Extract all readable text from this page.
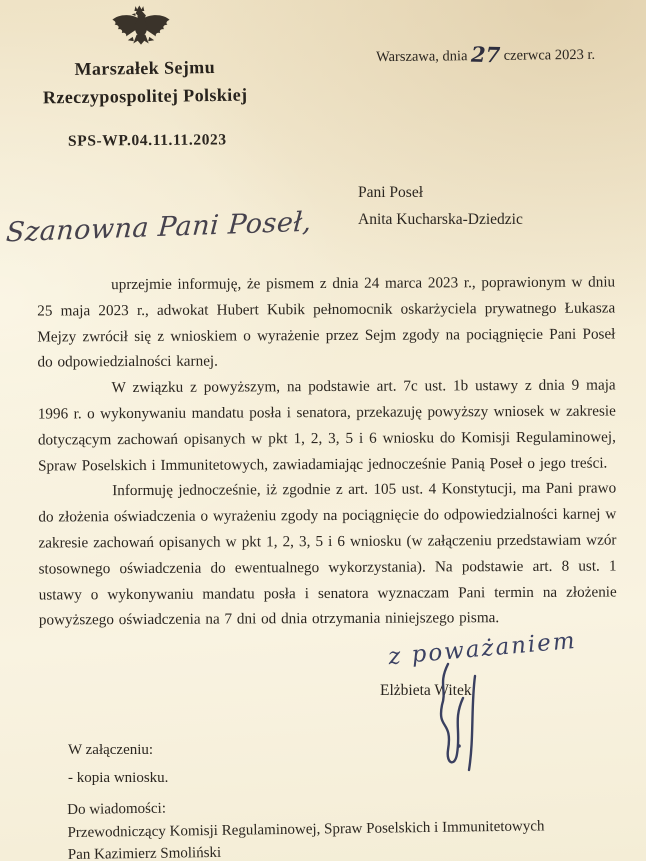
Marszałek Sejmu
Rzeczypospolitej Polskiej
SPS-WP.04.11.11.2023
Warszawa, dnia 27 czerwca 2023 r.
Pani Poseł
Anita Kucharska-Dziedzic
Szanowna Pani Poseł,

uprzejmie informuję, że pismem z dnia 24 marca 2023 r., poprawionym w dniu 25 maja 2023 r., adwokat Hubert Kubik pełnomocnik oskarżyciela prywatnego Łukasza Mejzy zwrócił się z wnioskiem o wyrażenie przez Sejm zgody na pociągnięcie Pani Poseł do odpowiedzialności karnej.

W związku z powyższym, na podstawie art. 7c ust. 1b ustawy z dnia 9 maja 1996 r. o wykonywaniu mandatu posła i senatora, przekazuję powyższy wniosek w zakresie dotyczącym zachowań opisanych w pkt 1, 2, 3, 5 i 6 wniosku do Komisji Regulaminowej, Spraw Poselskich i Immunitetowych, zawiadamiając jednocześnie Panią Poseł o jego treści.

Informuję jednocześnie, iż zgodnie z art. 105 ust. 4 Konstytucji, ma Pani prawo do złożenia oświadczenia o wyrażeniu zgody na pociągnięcie do odpowiedzialności karnej w zakresie zachowań opisanych w pkt 1, 2, 3, 5 i 6 wniosku (w załączeniu przedstawiam wzór stosownego oświadczenia do ewentualnego wykorzystania). Na podstawie art. 8 ust. 1 ustawy o wykonywaniu mandatu posła i senatora wyznaczam Pani termin na złożenie powyższego oświadczenia na 7 dni od dnia otrzymania niniejszego pisma.

z poważaniem
Elżbieta Witek
W załączeniu:
- kopia wniosku.
Do wiadomości:
Przewodniczący Komisji Regulaminowej, Spraw Poselskich i Immunitetowych
Pan Kazimierz Smoliński
